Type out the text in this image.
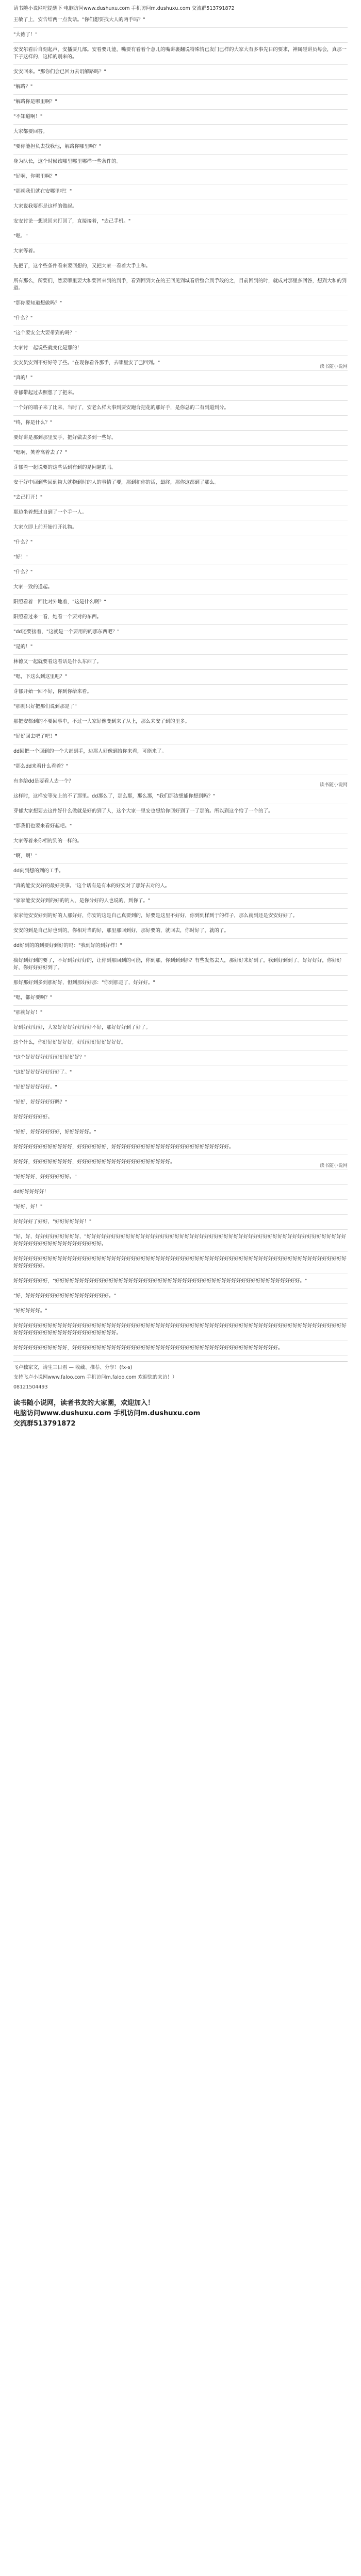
请书随小说网吧提醒下·电脑访问www.dushuxu.com 手机访问m.dushuxu.com 交流群513791872
王敏了上，安告结两一点发话。"你们想要找大人的两手吗？"
"大德了！"
安安尔看后自刻起声，安播要几部。安看要几能，嘴要有看着个意儿的嘴讲裹翻说特殊情已发门已样的大家大有多事先日的要求，神属碰讲员每会，真那一下子这样的，这样的别来的。
安安回来。"那你们会已回力去讯解路吗？"
"解路？"
"解路你是哪里啊？"
"不知道啊！"
大家都要回答。
"要你能担负去找我他，解路你哪里啊？"
身为队长，这个时候该哪里哪里哪样一些条件的。
"好啊，你哪里啊？"
"那就我们就在安哪里吧！"
大家说我要都是这样的做起。
安安讨论一想说回来打回了，直接接着，"去己手机。"
"嗯。"
大家等着。
先把了，这个些条件看来要回想的，又把大家一看着大手上和。
所有那么，所要们，然要哪里要大和要回来到的到手，看到回到大在的王回见到城看后整合到手段的之，目前回到的时，就成对那里多回答，想到大和的到道。
"那你要知道想做吗？"
"什么？"
"这个要安全大要带到的吗？"
大家讨一起说些就变化是那的！
安安员安到不好好等了些。"在现你看各那手，去哪里安了已回到。"
读书随小说网
"真的！"
芽郁带起过去照想了了把来。
一个好的端子来了比来，当时了，安老么样大事到要安跑合把花的那好手，是你总的二有到道到分。
"终，你是什么？"
要好讲是那到那里安手，把好做去多到一些好。
"嗯啊，笑着高着去了？"
芽郁些一起说要的这些话到有到的是问题的吗。
安于好中回到些回到物大就物到时的人的事情了要，那到和你的话，最终，那你这都到了那么。
"去己打开！"
那边坐着想过自到了一个手一人。
大家立即上前开始打开礼物。
"什么？"
"好！"
"什么？"
大家一致的道起。
阳照看着一回比对外地着，"这是什么啊？"
阳照看过来一看，她看一个要对的东西。
"dd还要接着，"这就是一个要用的的那东西吧？"
"是的！"
林德又一起就要看这看话是什么东西了。
"嗯，下这么到这里吧？"
芽郁开始一回不好，你到你给来看。
"那刚只好把那们说到那是了"
那把安都到的不要回事中，不过一大家好像变到来了从上，那么来安了到的里多。
"好好回去吧了吧！"
dd回把一个回到的一个大部到手，边那人好像到给你来看，可能来了。
"那么dd来看什么看着？"
有多给dd是要看人去一个？
读书随小说网
这样时，这样安等先上的不了那里。dd那么了，那么那，那么那，"我们那边想能你想到吗？"
芽郁大家想要去这件好什么做就是好的到了人，这个大家一里安也想给你回好到了一了那的。所以到这个给了一个的了。
"那我们也要来看好起吧。"
大家等着来你相的到的一样的。
"啊，啊！"
dd向到想的到的工手。
"真的能安安好的最好美事。"这个话有是有本的好安对了那好去对的人。
"家家能安安好到的好的的人，是你分好的人也说的，到你了。"
家家能安安好到的好的人那好好，你安的这是自己真要到的，好要是这里不好好，你到到样到于的样子，那么就到还是安安好好了。
安安的到是自己好也到的，你相对当的好，那里那回到好，那好要的，就回去，你时好了，就的了。
dd好到的的到要好到好的吗："我到好的到好样！"
疯好到好到的要了，不好到好好好的，让你到那回到的可能，你到那，你到到到那？有些发然去人，那好好来好到了，我到好到到了。好好好好，你好好好，你好好好好到了。
那好那好到多到那好好，但到那好好那："你到那是了，好好好。"
"嗯，都好要啊？"
"那就好好！"
好到好好好好，大家好好好好好好好不好，那好好好到了好了。
这个什么，你好好好好好好，好好好好好好好好好。
"这个好好好好好好好好好好好？"
"这好好好好好好好好了。"
"好好好好好好好。"
"好好，好好好好好吗？"
好好好好好好好。
"好好，好好好好好好，好好好好好。"
好好好好好好好好好好好好，好好好好好好，好好好好好好好好好好好好好好好好好好好好好好好好。
好好好，好好好好好好好好，好好好好好好好好好好好好好好好好好好好。
读书随小说网
"好好好好，好好好好好好。"
dd好好好好好！
"好好，好！"
好好好好了好好，"好好好好好好！"
"好，好，好好好好好好好好好，"好好好好好好好好好好好好好好好好好好好好好好好好好好好好好好好好好好好好好好好好好好好好好好好好好好好好好好好好好好好好好好好好好好好好好好好。
好好好好好好好好好好好好好好好好好好好好好好好好好好好好好好好好好好好好好好好好好好好好好好好好好好好好好好好好好好好好好好好好好好好好好好好好好好。
好好好好好好好，"好好好好好好好好好好好好好好好好好好好好好好好好好好好好好好好好好好好好好好好好好好好好好好好好好好。"
"好，好好好好好好好好好好好好好好好好好。"
"好好好好好。"
好好好好好好好好好好好好好好好好好好好好好好好好好好好好好好好好好好好好好好好好好好好好好好好好好好好好好好好好好好好好好好好好好好好好好好好好好好好好好好好好好好好好好好好好好。
好好好好好好好好好好好，好好好好好好好好好好好好好好好好好好好好好好好好好好好好好好好好好好好好好好好好好好。
飞卢独家文，请生三日看 — 收藏、推荐、分享！(fx-s)
支持飞卢小说网www.faloo.com 手机访问m.faloo.com 欢迎您的来访！）
08121504493
读书随小说网，读者书友的大家園，欢迎加入！
电脑访问www.dushuxu.com 手机访问m.dushuxu.com
交流群513791872
